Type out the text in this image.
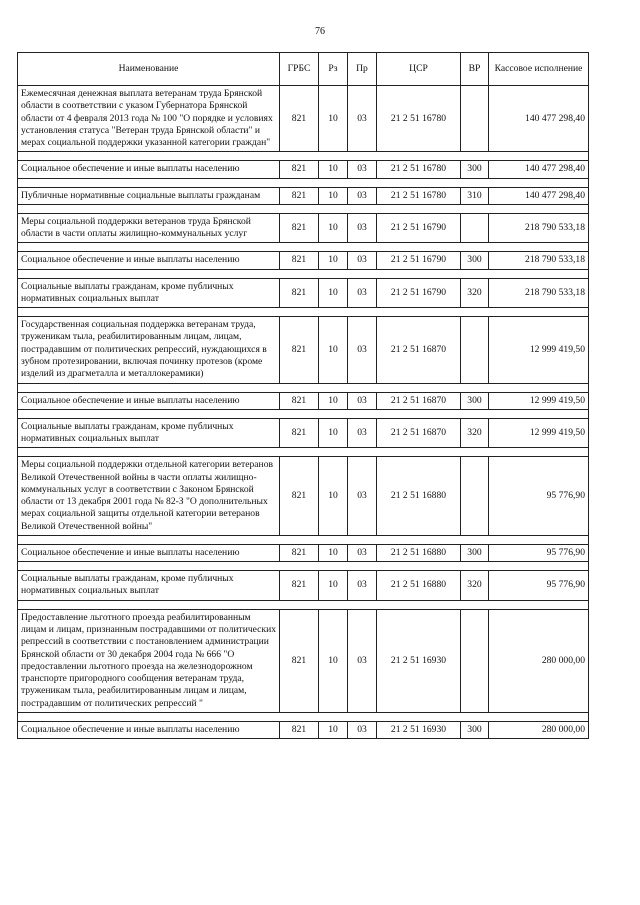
76
Наименование	ГРБС	Рз	Пр	ЦСР	ВР	Кассовое исполнение
Ежемесячная денежная выплата ветеранам труда Брянской области в соответствии с указом Губернатора Брянской области от 4 февраля 2013 года № 100 "О порядке и условиях установления статуса "Ветеран труда Брянской области" и мерах социальной поддержки указанной категории граждан"	821	10	03	21 2 51 16780		140 477 298,40

Социальное обеспечение и иные выплаты населению	821	10	03	21 2 51 16780	300	140 477 298,40

Публичные нормативные социальные выплаты гражданам	821	10	03	21 2 51 16780	310	140 477 298,40

Меры социальной поддержки ветеранов труда Брянской области в части оплаты жилищно-коммунальных услуг	821	10	03	21 2 51 16790		218 790 533,18

Социальное обеспечение и иные выплаты населению	821	10	03	21 2 51 16790	300	218 790 533,18

Социальные выплаты гражданам, кроме публичных нормативных социальных выплат	821	10	03	21 2 51 16790	320	218 790 533,18

Государственная социальная поддержка ветеранам труда, труженикам тыла, реабилитированным лицам, лицам, пострадавшим от политических репрессий, нуждающихся в зубном протезировании, включая починку протезов (кроме изделий из драгметалла и металлокерамики)	821	10	03	21 2 51 16870		12 999 419,50

Социальное обеспечение и иные выплаты населению	821	10	03	21 2 51 16870	300	12 999 419,50

Социальные выплаты гражданам, кроме публичных нормативных социальных выплат	821	10	03	21 2 51 16870	320	12 999 419,50

Меры социальной поддержки отдельной категории ветеранов Великой Отечественной войны в части оплаты жилищно-коммунальных услуг в соответствии с Законом Брянской области от 13 декабря 2001 года № 82-З "О дополнительных мерах социальной защиты отдельной категории ветеранов Великой Отечественной войны"	821	10	03	21 2 51 16880		95 776,90

Социальное обеспечение и иные выплаты населению	821	10	03	21 2 51 16880	300	95 776,90

Социальные выплаты гражданам, кроме публичных нормативных социальных выплат	821	10	03	21 2 51 16880	320	95 776,90

Предоставление льготного проезда реабилитированным лицам и лицам, признанным пострадавшими от политических репрессий в соответствии с постановлением администрации Брянской области от 30 декабря 2004 года № 666 "О предоставлении льготного проезда на железнодорожном транспорте пригородного сообщения ветеранам труда, труженикам тыла, реабилитированным лицам и лицам, пострадавшим от политических репрессий "	821	10	03	21 2 51 16930		280 000,00

Социальное обеспечение и иные выплаты населению	821	10	03	21 2 51 16930	300	280 000,00
